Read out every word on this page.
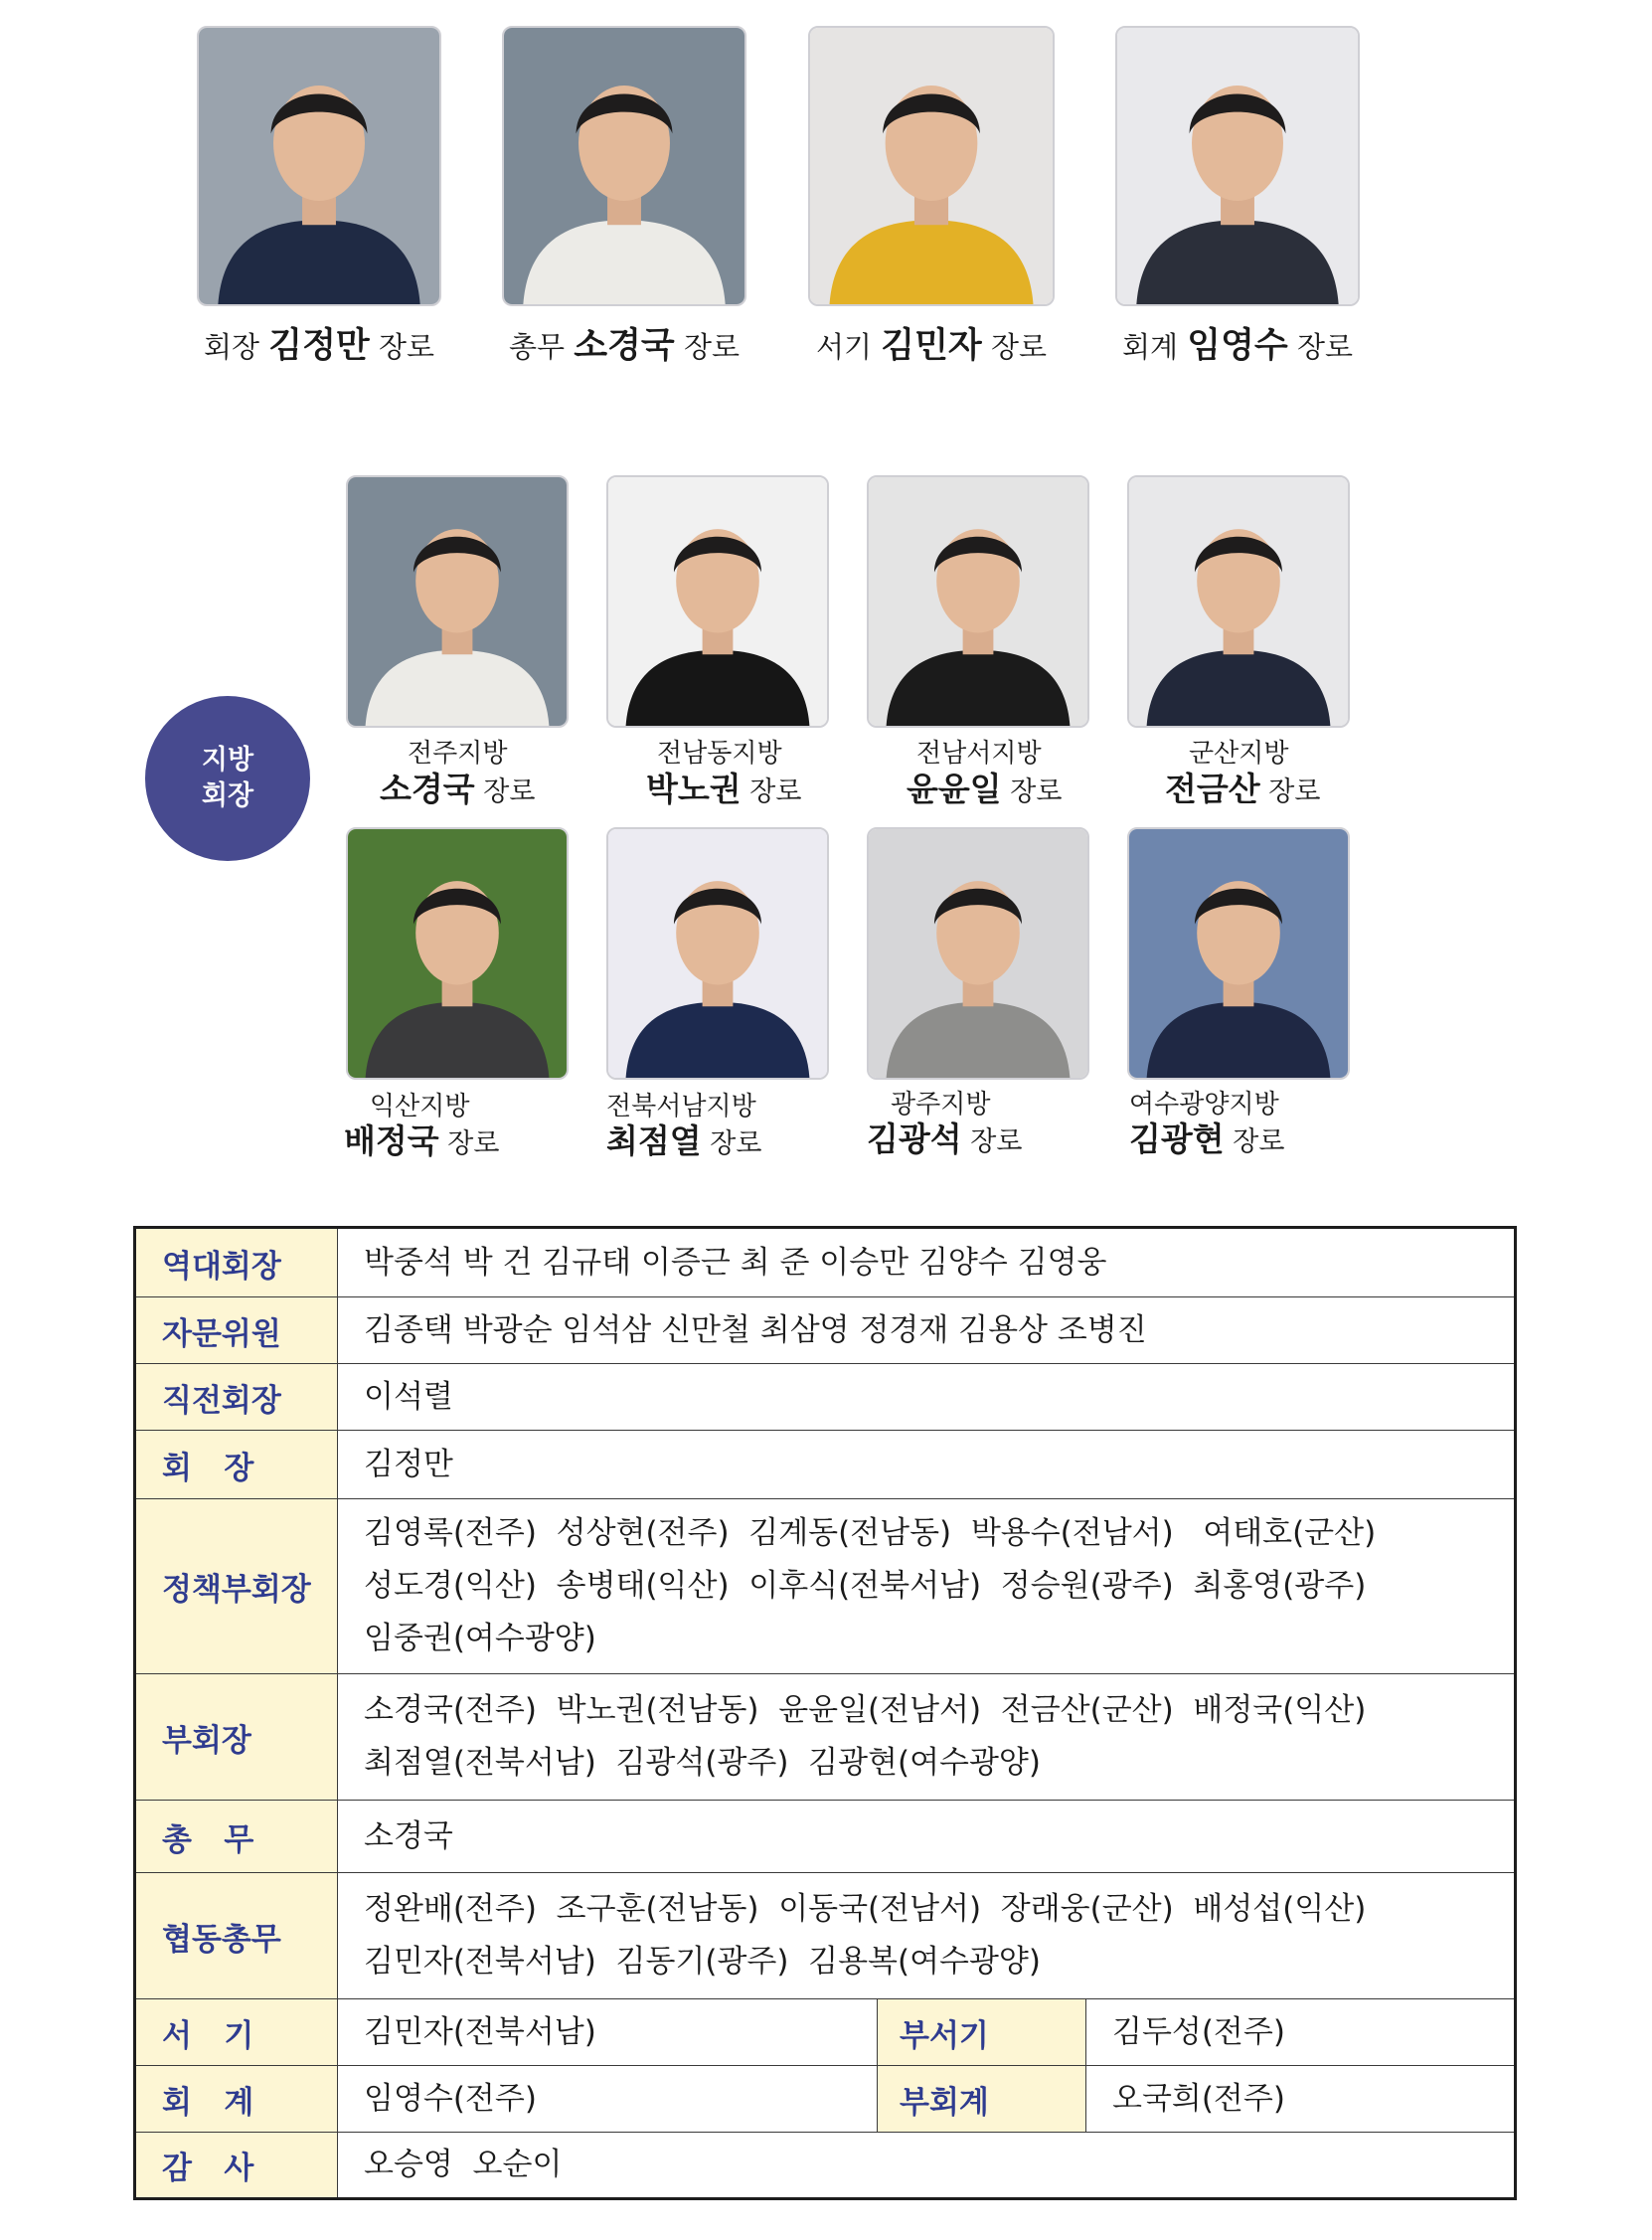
회장 김정만 장로	총무 소경국 장로	서기 김민자 장로	회계 임영수 장로
지방
회장
전주지방
소경국 장로
전남동지방
박노권 장로
전남서지방
윤윤일 장로
군산지방
전금산 장로
익산지방
배정국 장로
전북서남지방
최점열 장로
광주지방
김광석 장로
여수광양지방
김광현 장로
역대회장	박중석 박 건 김규태 이증근 최 준 이승만 김양수 김영웅		
자문위원	김종택 박광순 임석삼 신만철 최삼영 정경재 김용상 조병진		
직전회장	이석렬		
회   장	김정만		
정책부회장	김영록(전주)  성상현(전주)  김계동(전남동)  박용수(전남서)   여태호(군산)
성도경(익산)  송병태(익산)  이후식(전북서남)  정승원(광주)  최홍영(광주)
임중권(여수광양)		

부회장	소경국(전주)  박노권(전남동)  윤윤일(전남서)  전금산(군산)  배정국(익산)
최점열(전북서남)  김광석(광주)  김광현(여수광양)		

총   무	소경국		
협동총무	정완배(전주)  조구훈(전남동)  이동국(전남서)  장래웅(군산)  배성섭(익산)
김민자(전북서남)  김동기(광주)  김용복(여수광양)		

서   기	김민자(전북서남)	부서기	김두성(전주)
회   계	임영수(전주)	부회계	오국희(전주)
감   사	오승영  오순이		
